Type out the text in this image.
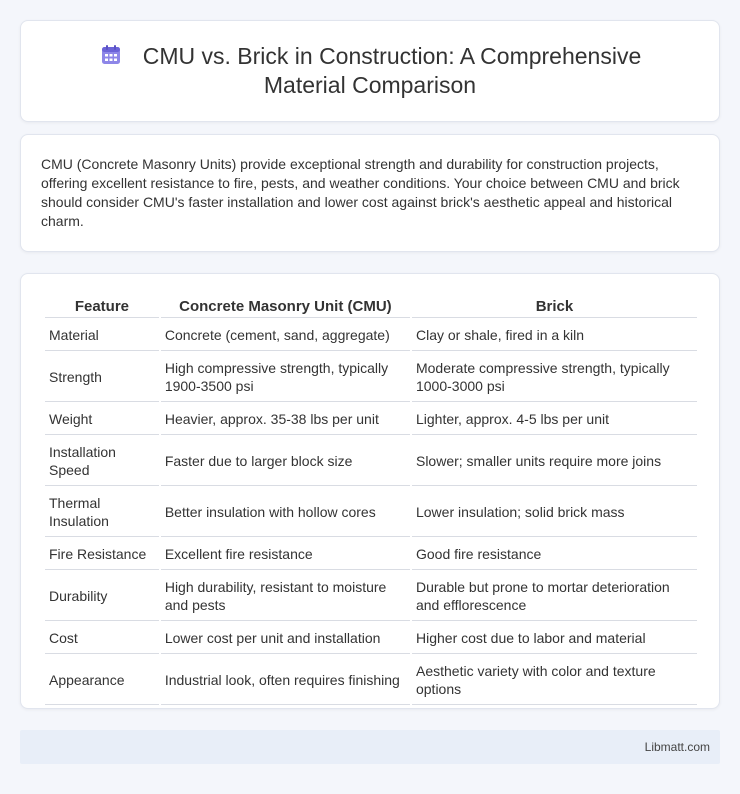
CMU vs. Brick in Construction: A Comprehensive Material Comparison

CMU (Concrete Masonry Units) provide exceptional strength and durability for construction projects, offering excellent resistance to fire, pests, and weather conditions. Your choice between CMU and brick should consider CMU's faster installation and lower cost against brick's aesthetic appeal and historical charm.

Feature	Concrete Masonry Unit (CMU)	Brick
Material	Concrete (cement, sand, aggregate)	Clay or shale, fired in a kiln
Strength	High compressive strength, typically 1900-3500 psi	Moderate compressive strength, typically 1000-3000 psi
Weight	Heavier, approx. 35-38 lbs per unit	Lighter, approx. 4-5 lbs per unit
Installation Speed	Faster due to larger block size	Slower; smaller units require more joins
Thermal Insulation	Better insulation with hollow cores	Lower insulation; solid brick mass
Fire Resistance	Excellent fire resistance	Good fire resistance
Durability	High durability, resistant to moisture and pests	Durable but prone to mortar deterioration and efflorescence
Cost	Lower cost per unit and installation	Higher cost due to labor and material
Appearance	Industrial look, often requires finishing	Aesthetic variety with color and texture options
Libmatt.com
